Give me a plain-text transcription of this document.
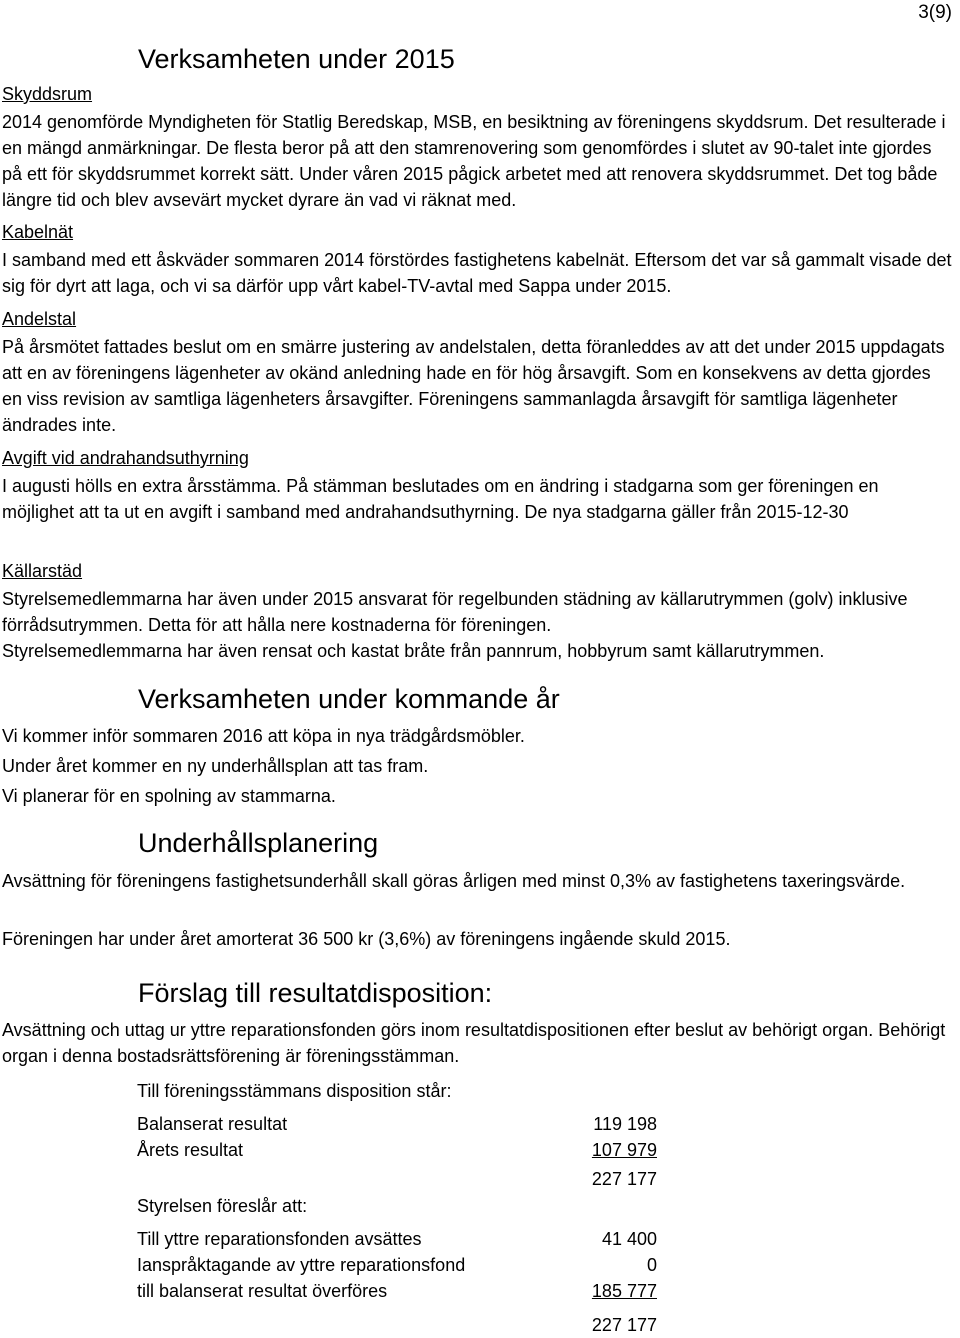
3(9)
Verksamheten under 2015
Skyddsrum

2014 genomförde Myndigheten för Statlig Beredskap, MSB, en besiktning av föreningens skyddsrum. Det resulterade i en mängd anmärkningar. De flesta beror på att den stamrenovering som genomfördes i slutet av 90-talet inte gjordes på ett för skyddsrummet korrekt sätt. Under våren 2015 pågick arbetet med att renovera skyddsrummet. Det tog både längre tid och blev avsevärt mycket dyrare än vad vi räknat med.

Kabelnät

I samband med ett åskväder sommaren 2014 förstördes fastighetens kabelnät. Eftersom det var så gammalt visade det sig för dyrt att laga, och vi sa därför upp vårt kabel-TV-avtal med Sappa under 2015.

Andelstal

På årsmötet fattades beslut om en smärre justering av andelstalen, detta föranleddes av att det under 2015 uppdagats att en av föreningens lägenheter av okänd anledning hade en för hög årsavgift. Som en konsekvens av detta gjordes en viss revision av samtliga lägenheters årsavgifter. Föreningens sammanlagda årsavgift för samtliga lägenheter ändrades inte.

Avgift vid andrahandsuthyrning

I augusti hölls en extra årsstämma. På stämman beslutades om en ändring i stadgarna som ger föreningen en möjlighet att ta ut en avgift i samband med andrahandsuthyrning. De nya stadgarna gäller från 2015-12-30

Källarstäd

Styrelsemedlemmarna har även under 2015 ansvarat för regelbunden städning av källarutrymmen (golv) inklusive förrådsutrymmen. Detta för att hålla nere kostnaderna för föreningen.

Styrelsemedlemmarna har även rensat och kastat bråte från pannrum, hobbyrum samt källarutrymmen.

Verksamheten under kommande år

Vi kommer inför sommaren 2016 att köpa in nya trädgårdsmöbler.

Under året kommer en ny underhållsplan att tas fram.

Vi planerar för en spolning av stammarna.

Underhållsplanering

Avsättning för föreningens fastighetsunderhåll skall göras årligen med minst 0,3% av fastighetens taxeringsvärde.

Föreningen har under året amorterat 36 500 kr (3,6%) av föreningens ingående skuld 2015.

Förslag till resultatdisposition:

Avsättning och uttag ur yttre reparationsfonden görs inom resultatdispositionen efter beslut av behörigt organ. Behörigt organ i denna bostadsrättsförening är föreningsstämman.

Till föreningsstämmans disposition står:
Balanserat resultat	119 198
Årets resultat	107 979
227 177
Styrelsen föreslår att:
Till yttre reparationsfonden avsättes	41 400
Ianspråktagande av yttre reparationsfond	0
till balanserat resultat överföres	185 777
227 177
